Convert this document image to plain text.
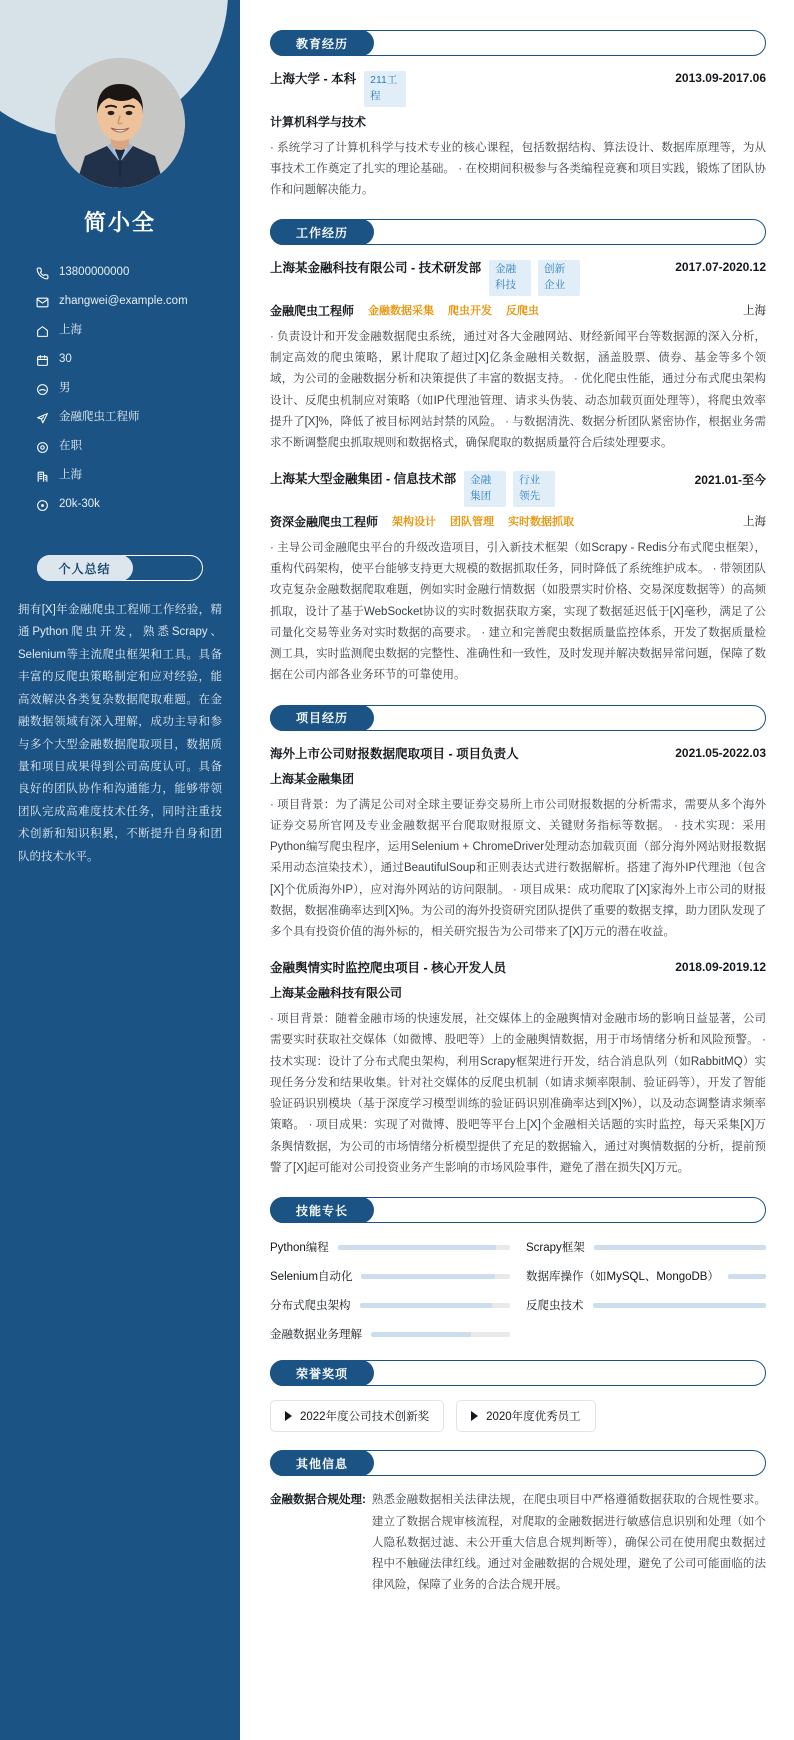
简小全
13800000000
zhangwei@example.com
上海
30
男
金融爬虫工程师
在职
上海
20k-30k
个人总结

拥有[X]年金融爬虫工程师工作经验，精通Python爬虫开发，熟悉Scrapy、Selenium等主流爬虫框架和工具。具备丰富的反爬虫策略制定和应对经验，能高效解决各类复杂数据爬取难题。在金融数据领域有深入理解，成功主导和参与多个大型金融数据爬取项目，数据质量和项目成果得到公司高度认可。具备良好的团队协作和沟通能力，能够带领团队完成高难度技术任务，同时注重技术创新和知识积累，不断提升自身和团队的技术水平。

教育经历
上海大学 - 本科	211工程
2013.09-2017.06
计算机科学与技术

· 系统学习了计算机科学与技术专业的核心课程，包括数据结构、算法设计、数据库原理等，为从事技术工作奠定了扎实的理论基础。 · 在校期间积极参与各类编程竞赛和项目实践，锻炼了团队协作和问题解决能力。

工作经历
上海某金融科技有限公司 - 技术研发部	金融科技
创新企业
2017.07-2020.12
金融爬虫工程师 金融数据采集 爬虫开发 反爬虫	上海

· 负责设计和开发金融数据爬虫系统，通过对各大金融网站、财经新闻平台等数据源的深入分析，制定高效的爬虫策略，累计爬取了超过[X]亿条金融相关数据，涵盖股票、债券、基金等多个领域，为公司的金融数据分析和决策提供了丰富的数据支持。 · 优化爬虫性能，通过分布式爬虫架构设计、反爬虫机制应对策略（如IP代理池管理、请求头伪装、动态加载页面处理等），将爬虫效率提升了[X]%，降低了被目标网站封禁的风险。 · 与数据清洗、数据分析团队紧密协作，根据业务需求不断调整爬虫抓取规则和数据格式，确保爬取的数据质量符合后续处理要求。

上海某大型金融集团 - 信息技术部	金融集团
行业领先
2021.01-至今
资深金融爬虫工程师 架构设计 团队管理 实时数据抓取	上海

· 主导公司金融爬虫平台的升级改造项目，引入新技术框架（如Scrapy - Redis分布式爬虫框架），重构代码架构，使平台能够支持更大规模的数据抓取任务，同时降低了系统维护成本。 · 带领团队攻克复杂金融数据爬取难题，例如实时金融行情数据（如股票实时价格、交易深度数据等）的高频抓取，设计了基于WebSocket协议的实时数据获取方案，实现了数据延迟低于[X]毫秒，满足了公司量化交易等业务对实时数据的高要求。 · 建立和完善爬虫数据质量监控体系，开发了数据质量检测工具，实时监测爬虫数据的完整性、准确性和一致性，及时发现并解决数据异常问题，保障了数据在公司内部各业务环节的可靠使用。

项目经历
海外上市公司财报数据爬取项目 - 项目负责人	2021.05-2022.03
上海某金融集团

· 项目背景：为了满足公司对全球主要证券交易所上市公司财报数据的分析需求，需要从多个海外证券交易所官网及专业金融数据平台爬取财报原文、关键财务指标等数据。 · 技术实现：采用Python编写爬虫程序，运用Selenium + ChromeDriver处理动态加载页面（部分海外网站财报数据采用动态渲染技术），通过BeautifulSoup和正则表达式进行数据解析。搭建了海外IP代理池（包含[X]个优质海外IP），应对海外网站的访问限制。 · 项目成果：成功爬取了[X]家海外上市公司的财报数据，数据准确率达到[X]%。为公司的海外投资研究团队提供了重要的数据支撑，助力团队发现了多个具有投资价值的海外标的，相关研究报告为公司带来了[X]万元的潜在收益。

金融舆情实时监控爬虫项目 - 核心开发人员	2018.09-2019.12
上海某金融科技有限公司

· 项目背景：随着金融市场的快速发展，社交媒体上的金融舆情对金融市场的影响日益显著，公司需要实时获取社交媒体（如微博、股吧等）上的金融舆情数据，用于市场情绪分析和风险预警。 · 技术实现：设计了分布式爬虫架构，利用Scrapy框架进行开发，结合消息队列（如RabbitMQ）实现任务分发和结果收集。针对社交媒体的反爬虫机制（如请求频率限制、验证码等），开发了智能验证码识别模块（基于深度学习模型训练的验证码识别准确率达到[X]%），以及动态调整请求频率策略。 · 项目成果：实现了对微博、股吧等平台上[X]个金融相关话题的实时监控，每天采集[X]万条舆情数据，为公司的市场情绪分析模型提供了充足的数据输入，通过对舆情数据的分析，提前预警了[X]起可能对公司投资业务产生影响的市场风险事件，避免了潜在损失[X]万元。

技能专长
Python编程	Scrapy框架
Selenium自动化	数据库操作（如MySQL、MongoDB）
分布式爬虫架构	反爬虫技术
金融数据业务理解
荣誉奖项
2022年度公司技术创新奖	2020年度优秀员工
其他信息
金融数据合规处理: 熟悉金融数据相关法律法规，在爬虫项目中严格遵循数据获取的合规性要求。建立了数据合规审核流程，对爬取的金融数据进行敏感信息识别和处理（如个人隐私数据过滤、未公开重大信息合规判断等），确保公司在使用爬虫数据过程中不触碰法律红线。通过对金融数据的合规处理，避免了公司可能面临的法律风险，保障了业务的合法合规开展。
